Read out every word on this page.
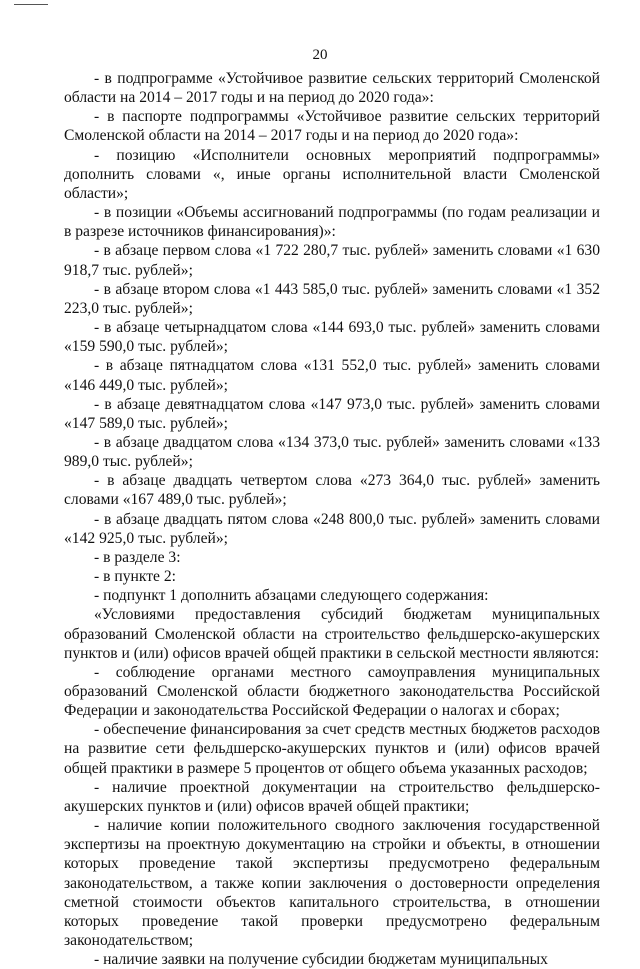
20

- в подпрограмме «Устойчивое развитие сельских территорий Смоленской области на 2014 – 2017 годы и на период до 2020 года»:

- в паспорте подпрограммы «Устойчивое развитие сельских территорий Смоленской области на 2014 – 2017 годы и на период до 2020 года»:

- позицию «Исполнители основных мероприятий подпрограммы» дополнить словами «, иные органы исполнительной власти Смоленской области»;

- в позиции «Объемы ассигнований подпрограммы (по годам реализации и в разрезе источников финансирования)»:

- в абзаце первом слова «1 722 280,7 тыс. рублей» заменить словами «1 630 918,7 тыс. рублей»;

- в абзаце втором слова «1 443 585,0 тыс. рублей» заменить словами «1 352 223,0 тыс. рублей»;

- в абзаце четырнадцатом слова «144 693,0 тыс. рублей» заменить словами «159 590,0 тыс. рублей»;

- в абзаце пятнадцатом слова «131 552,0 тыс. рублей» заменить словами «146 449,0 тыс. рублей»;

- в абзаце девятнадцатом слова «147 973,0 тыс. рублей» заменить словами «147 589,0 тыс. рублей»;

- в абзаце двадцатом слова «134 373,0 тыс. рублей» заменить словами «133 989,0 тыс. рублей»;

- в абзаце двадцать четвертом слова «273 364,0 тыс. рублей» заменить словами «167 489,0 тыс. рублей»;

- в абзаце двадцать пятом слова «248 800,0 тыс. рублей» заменить словами «142 925,0 тыс. рублей»;

- в разделе 3:

- в пункте 2:

- подпункт 1 дополнить абзацами следующего содержания:

«Условиями предоставления субсидий бюджетам муниципальных образований Смоленской области на строительство фельдшерско-акушерских пунктов и (или) офисов врачей общей практики в сельской местности являются:

- соблюдение органами местного самоуправления муниципальных образований Смоленской области бюджетного законодательства Российской Федерации и законодательства Российской Федерации о налогах и сборах;

- обеспечение финансирования за счет средств местных бюджетов расходов на развитие сети фельдшерско-акушерских пунктов и (или) офисов врачей общей практики в размере 5 процентов от общего объема указанных расходов;

- наличие проектной документации на строительство фельдшерско-акушерских пунктов и (или) офисов врачей общей практики;

- наличие копии положительного сводного заключения государственной экспертизы на проектную документацию на стройки и объекты, в отношении которых проведение такой экспертизы предусмотрено федеральным законодательством, а также копии заключения о достоверности определения сметной стоимости объектов капитального строительства, в отношении которых проведение такой проверки предусмотрено федеральным законодательством;

- наличие заявки на получение субсидии бюджетам муниципальных
